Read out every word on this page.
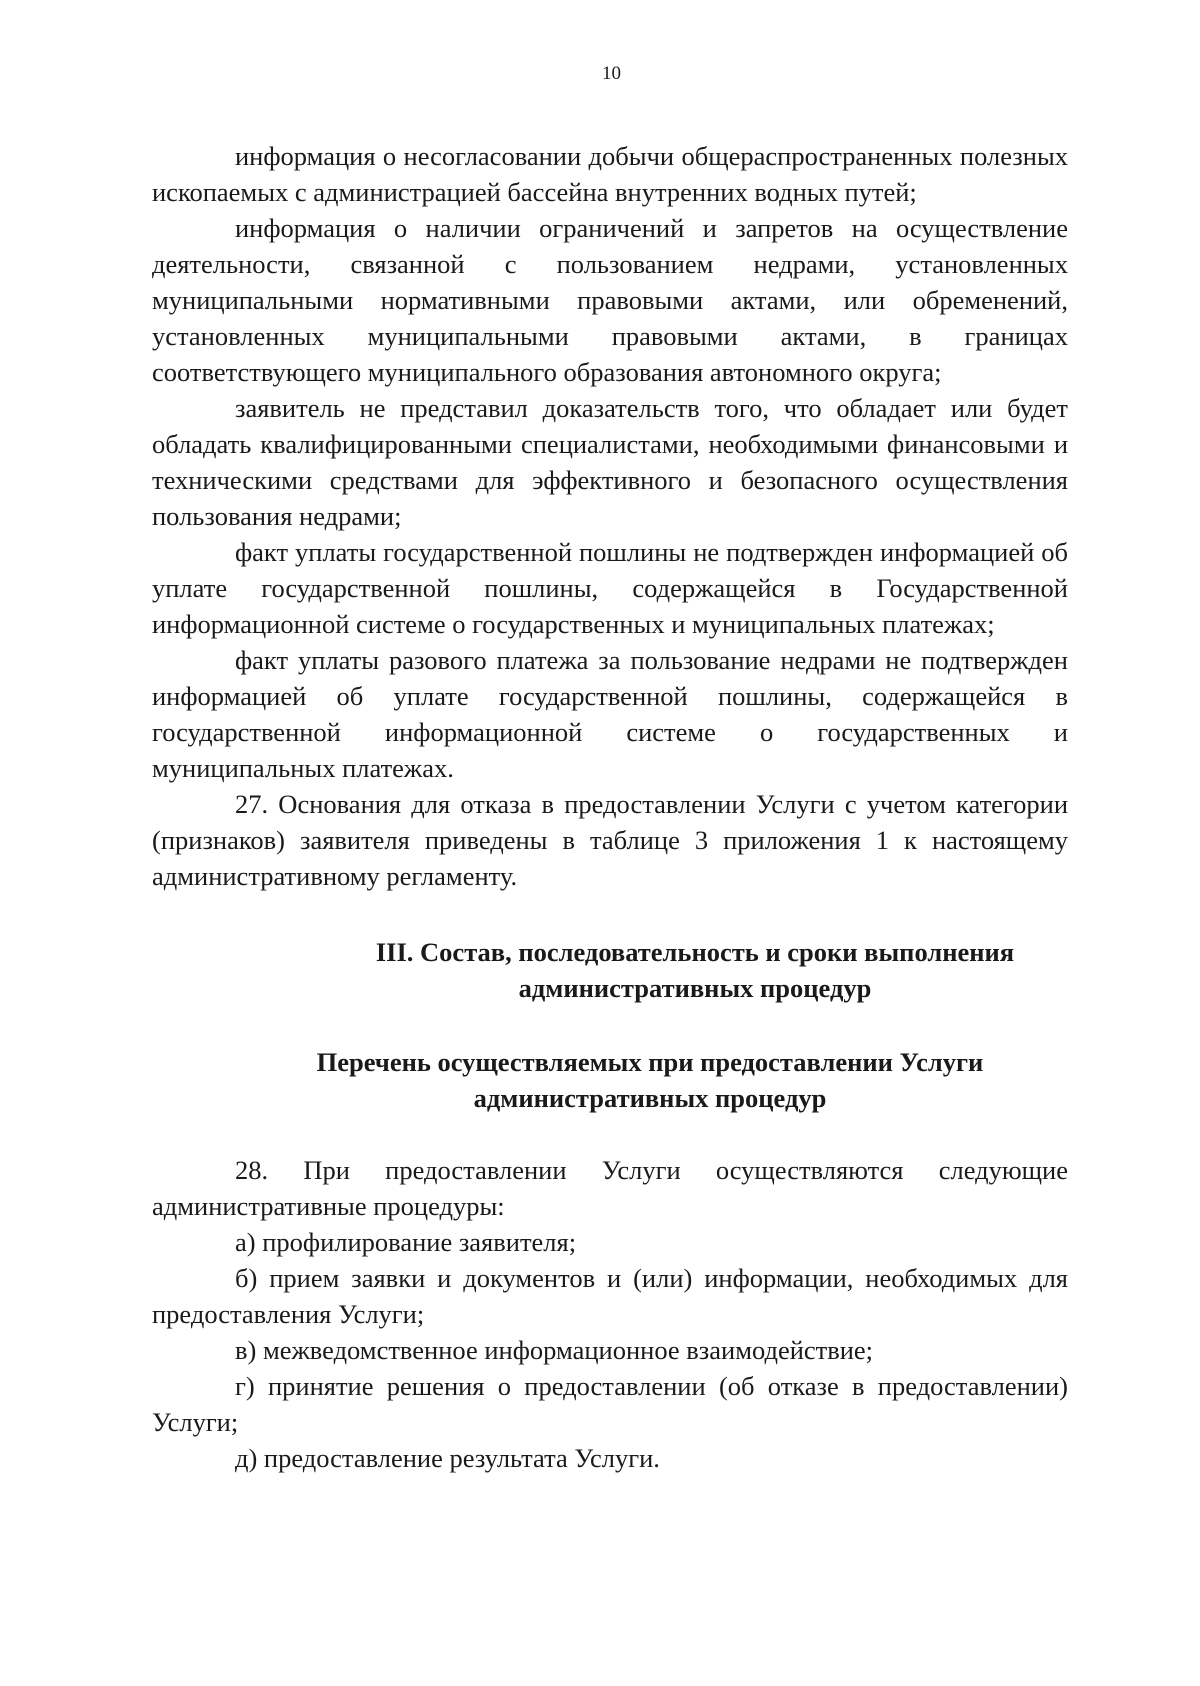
10

информация о несогласовании добычи общераспространенных полезных ископаемых с администрацией бассейна внутренних водных путей;

информация о наличии ограничений и запретов на осуществление деятельности, связанной с пользованием недрами, установленных муниципальными нормативными правовыми актами, или обременений, установленных муниципальными правовыми актами, в границах соответствующего муниципального образования автономного округа;

заявитель не представил доказательств того, что обладает или будет обладать квалифицированными специалистами, необходимыми финансовыми и техническими средствами для эффективного и безопасного осуществления пользования недрами;

факт уплаты государственной пошлины не подтвержден информацией об уплате государственной пошлины, содержащейся в Государственной информационной системе о государственных и муниципальных платежах;

факт уплаты разового платежа за пользование недрами не подтвержден информацией об уплате государственной пошлины, содержащейся в государственной информационной системе о государственных и муниципальных платежах.

27. Основания для отказа в предоставлении Услуги с учетом категории (признаков) заявителя приведены в таблице 3 приложения 1 к настоящему административному регламенту.

III. Состав, последовательность и сроки выполнения
административных процедур
Перечень осуществляемых при предоставлении Услуги
административных процедур

28. При предоставлении Услуги осуществляются следующие административные процедуры:

а) профилирование заявителя;

б) прием заявки и документов и (или) информации, необходимых для предоставления Услуги;

в) межведомственное информационное взаимодействие;

г) принятие решения о предоставлении (об отказе в предоставлении) Услуги;

д) предоставление результата Услуги.
